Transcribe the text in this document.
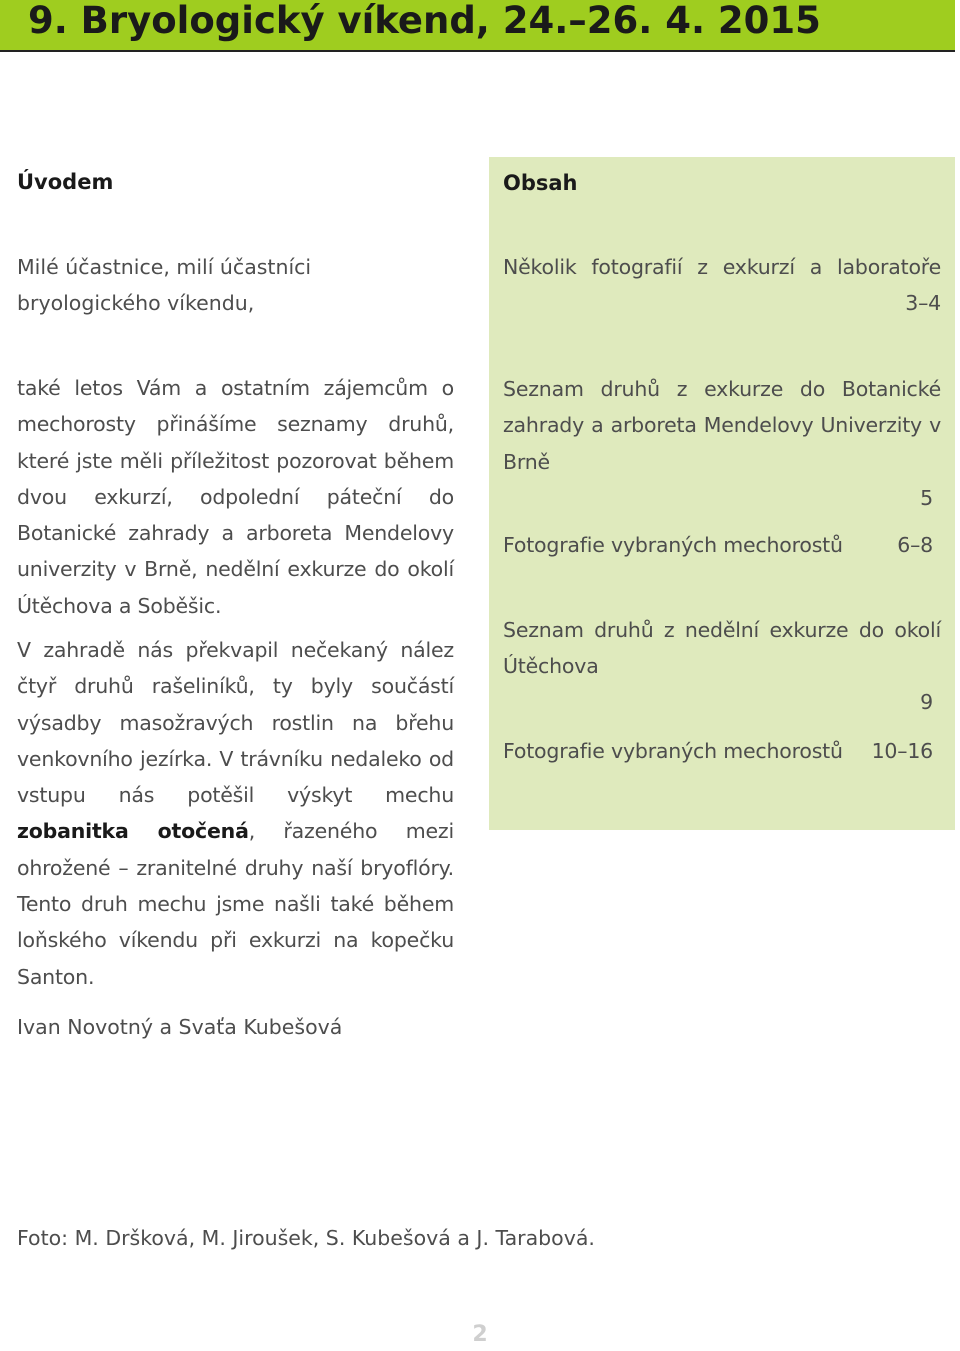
9. Bryologický víkend, 24.–26. 4. 2015
Úvodem
Milé účastnice, milí účastníci bryologického víkendu,
také letos Vám a ostatním zájemcům o mechorosty přinášíme seznamy druhů, které jste měli příležitost pozorovat během dvou exkurzí, odpolední páteční do Botanické zahrady a arboreta Mendelovy univerzity v Brně, nedělní exkurze do okolí Útěchova a Soběšic.
V zahradě nás překvapil nečekaný nález čtyř druhů rašeliníků, ty byly součástí výsadby masožravých rostlin na břehu venkovního jezírka. V trávníku nedaleko od vstupu nás potěšil výskyt mechu zobanitka otočená, řazeného mezi ohrožené – zranitelné druhy naší bryoflóry. Tento druh mechu jsme našli také během loňského víkendu při exkurzi na kopečku Santon.
Ivan Novotný a Svaťa Kubešová
Foto: M. Dršková, M. Jiroušek, S. Kubešová a J. Tarabová.
Obsah
Několik fotografií z exkurzí a laboratoře
3–4
Seznam druhů z exkurze do Botanické zahrady a arboreta Mendelovy Univerzity v Brně
5
Fotografie vybraných mechorostů	6–8
Seznam druhů z nedělní exkurze do okolí Útěchova
9
Fotografie vybraných mechorostů 10–16
2
